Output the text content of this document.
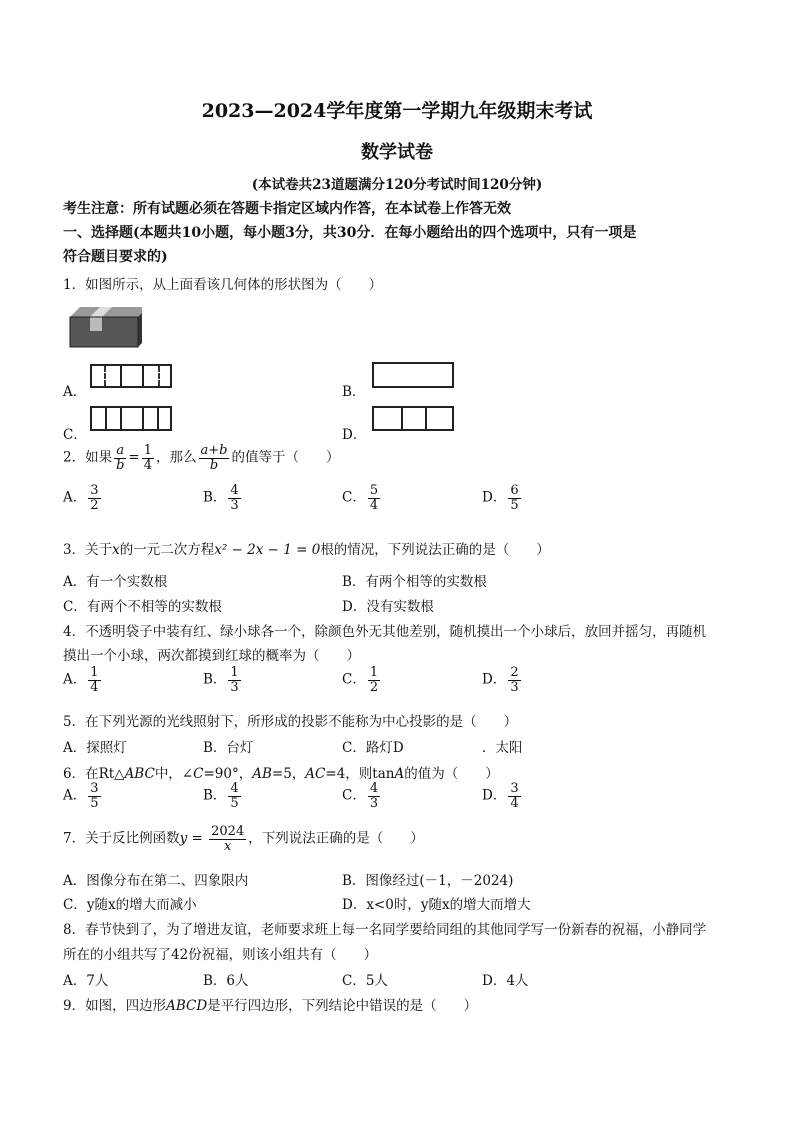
2023—2024学年度第一学期九年级期末考试
数学试卷
(本试卷共23道题满分120分考试时间120分钟)
考生注意：所有试题必须在答题卡指定区域内作答，在本试卷上作答无效
一、选择题(本题共10小题，每小题3分，共30分．在每小题给出的四个选项中，只有一项是
符合题目要求的)
1．如图所示，从上面看该几何体的形状图为（　　）
A．	B．
C．	D．
2．如果 $\frac{a}{b} = \frac{1}{4}$ ，那么 $\frac{a+b}{b}$ 的值等于（　　）
A． $\frac{3}{2}$	B． $\frac{4}{3}$	C． $\frac{5}{4}$	D． $\frac{6}{5}$
3．关于x的一元二次方程x² − 2x − 1 = 0根的情况，下列说法正确的是（　　）
A．有一个实数根	B．有两个相等的实数根
C．有两个不相等的实数根	D．没有实数根
4．不透明袋子中装有红、绿小球各一个，除颜色外无其他差别，随机摸出一个小球后，放回并摇匀，再随机
摸出一个小球，两次都摸到红球的概率为（　　）
A． $\frac{1}{4}$	B． $\frac{1}{3}$	C． $\frac{1}{2}$	D． $\frac{2}{3}$
5．在下列光源的光线照射下，所形成的投影不能称为中心投影的是（　　）
A．探照灯	B．台灯	C．路灯D	．太阳
6．在Rt△ABC中，∠C=90°，AB=5，AC=4，则tanA的值为（　　）
A． $\frac{3}{5}$	B． $\frac{4}{5}$	C． $\frac{4}{3}$	D． $\frac{3}{4}$
7．关于反比例函数$y = \frac{2024}{x}$ ，下列说法正确的是（　　）
A．图像分布在第二、四象限内	B．图像经过(－1，－2024)
C．y随x的增大而减小	D．x<0时，y随x的增大而增大
8．春节快到了，为了增进友谊，老师要求班上每一名同学要给同组的其他同学写一份新春的祝福，小静同学
所在的小组共写了42份祝福，则该小组共有（　　）
A．7人	B．6人	C．5人	D．4人
9．如图，四边形ABCD是平行四边形，下列结论中错误的是（　　）
